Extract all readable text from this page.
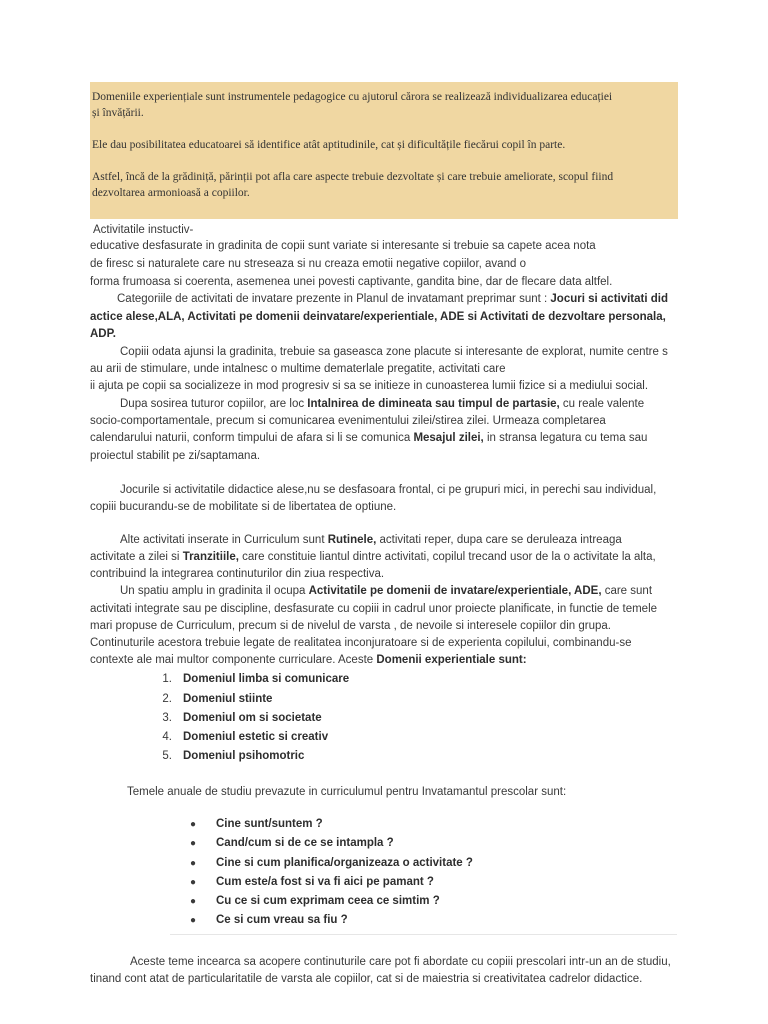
Domeniile experiențiale sunt instrumentele pedagogice cu ajutorul cărora se realizează individualizarea educației

și învățării.

Ele dau posibilitatea educatoarei să identifice atât aptitudinile, cat și dificultățile fiecărui copil în parte.

Astfel, încă de la grădiniță, părinții pot afla care aspecte trebuie dezvoltate și care trebuie ameliorate, scopul fiind

dezvoltarea armonioasă a copiilor.

Activitatile instuctiv-

educative desfasurate in gradinita de copii sunt variate si interesante si trebuie sa capete acea nota

de firesc si naturalete care nu streseaza si nu creaza emotii negative copiilor, avand o

forma frumoasa si coerenta, asemenea unei povesti captivante, gandita bine, dar de flecare data altfel.

Categoriile de activitati de invatare prezente in Planul de invatamant preprimar sunt : Jocuri si activitati did

actice alese,ALA, Activitati pe domenii deinvatare/experientiale, ADE si Activitati de dezvoltare personala,

ADP.

Copiii odata ajunsi la gradinita, trebuie sa gaseasca zone placute si interesante de explorat, numite centre s

au arii de stimulare, unde intalnesc o multime dematerlale pregatite, activitati care

ii ajuta pe copii sa socializeze in mod progresiv si sa se initieze in cunoasterea lumii fizice si a mediului social.

Dupa sosirea tuturor copiilor, are loc Intalnirea de dimineata sau timpul de partasie, cu reale valente

socio-comportamentale, precum si comunicarea evenimentului zilei/stirea zilei. Urmeaza completarea

calendarului naturii, conform timpului de afara si li se comunica Mesajul zilei, in stransa legatura cu tema sau

proiectul stabilit pe zi/saptamana.

Jocurile si activitatile didactice alese,nu se desfasoara frontal, ci pe grupuri mici, in perechi sau individual,

copiii bucurandu-se de mobilitate si de libertatea de optiune.

Alte activitati inserate in Curriculum sunt Rutinele, activitati reper, dupa care se deruleaza intreaga

activitate a zilei si Tranzitiile, care constituie liantul dintre activitati, copilul trecand usor de la o activitate la alta,

contribuind la integrarea continuturilor din ziua respectiva.

Un spatiu amplu in gradinita il ocupa Activitatile pe domenii de invatare/experientiale, ADE, care sunt

activitati integrate sau pe discipline, desfasurate cu copiii in cadrul unor proiecte planificate, in functie de temele

mari propuse de Curriculum, precum si de nivelul de varsta , de nevoile si interesele copiilor din grupa.

Continuturile acestora trebuie legate de realitatea inconjuratoare si de experienta copilului, combinandu-se

contexte ale mai multor componente curriculare. Aceste Domenii experientiale sunt:

1. Domeniul limba si comunicare
2. Domeniul stiinte
3. Domeniul om si societate
4. Domeniul estetic si creativ
5. Domeniul psihomotric

Temele anuale de studiu prevazute in curriculumul pentru Invatamantul prescolar sunt:

● Cine sunt/suntem ?
● Cand/cum si de ce se intampla ?
● Cine si cum planifica/organizeaza o activitate ?
● Cum este/a fost si va fi aici pe pamant ?
● Cu ce si cum exprimam ceea ce simtim ?
● Ce si cum vreau sa fiu ?

Aceste teme incearca sa acopere continuturile care pot fi abordate cu copiii prescolari intr-un an de studiu,

tinand cont atat de particularitatile de varsta ale copiilor, cat si de maiestria si creativitatea cadrelor didactice.
